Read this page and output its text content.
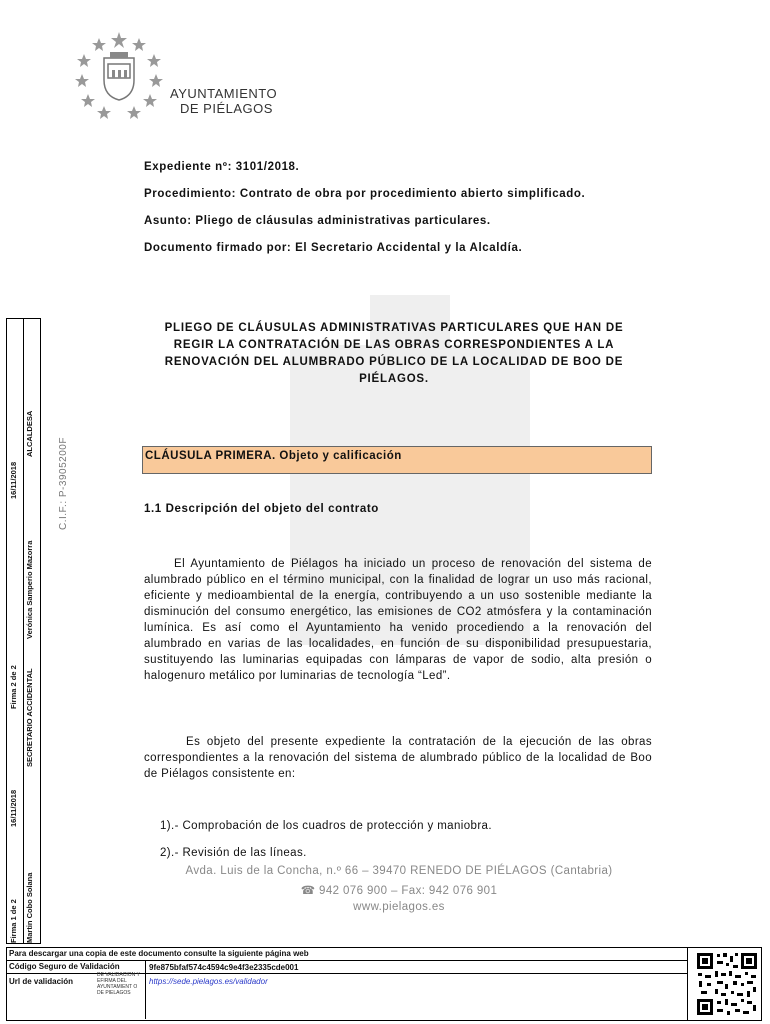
AYUNTAMIENTO
DE PIÉLAGOS

Expediente nº: 3101/2018.

Procedimiento: Contrato de obra por procedimiento abierto simplificado.

Asunto: Pliego de cláusulas administrativas particulares.

Documento firmado por: El Secretario Accidental y la Alcaldía.

Firma 1 de 2
Firma 2 de 2
16/11/2018
16/11/2018
Martin Cobo Solana
Verónica Samperio Mazorra
SECRETARIO ACCIDENTAL
ALCALDESA
C.I.F.: P-3905200F
PLIEGO DE CLÁUSULAS ADMINISTRATIVAS PARTICULARES QUE HAN DE REGIR LA CONTRATACIÓN DE LAS OBRAS CORRESPONDIENTES A LA RENOVACIÓN DEL ALUMBRADO PÚBLICO DE LA LOCALIDAD DE BOO DE PIÉLAGOS.
CLÁUSULA PRIMERA. Objeto y calificación
1.1 Descripción del objeto del contrato

El Ayuntamiento de Piélagos ha iniciado un proceso de renovación del sistema de alumbrado público en el término municipal, con la finalidad de lograr un uso más racional, eficiente y medioambiental de la energía, contribuyendo a un uso sostenible mediante la disminución del consumo energético, las emisiones de CO2 atmósfera y la contaminación lumínica. Es así como el Ayuntamiento ha venido procediendo a la renovación del alumbrado en varias de las localidades, en función de su disponibilidad presupuestaria, sustituyendo las luminarias equipadas con lámparas de vapor de sodio, alta presión o halogenuro metálico por luminarias de tecnología “Led”.

Es objeto del presente expediente la contratación de la ejecución de las obras correspondientes a la renovación del sistema de alumbrado público de la localidad de Boo de Piélagos consistente en:

1).- Comprobación de los cuadros de protección y maniobra.
2).- Revisión de las líneas.
Avda. Luis de la Concha, n.º 66 – 39470 RENEDO DE PIÉLAGOS (Cantabria)
☎ 942 076 900 – Fax: 942 076 901
www.pielagos.es
Para descargar una copia de este documento consulte la siguiente página web
Código Seguro de Validación	9fe875bfaf574c4594c9e4f3e2335cde001
Url de validación
DE VALIDACION Y EFIRMA DEL AYUNTAMIENT O DE PIELAGOS
https://sede.pielagos.es/validador
